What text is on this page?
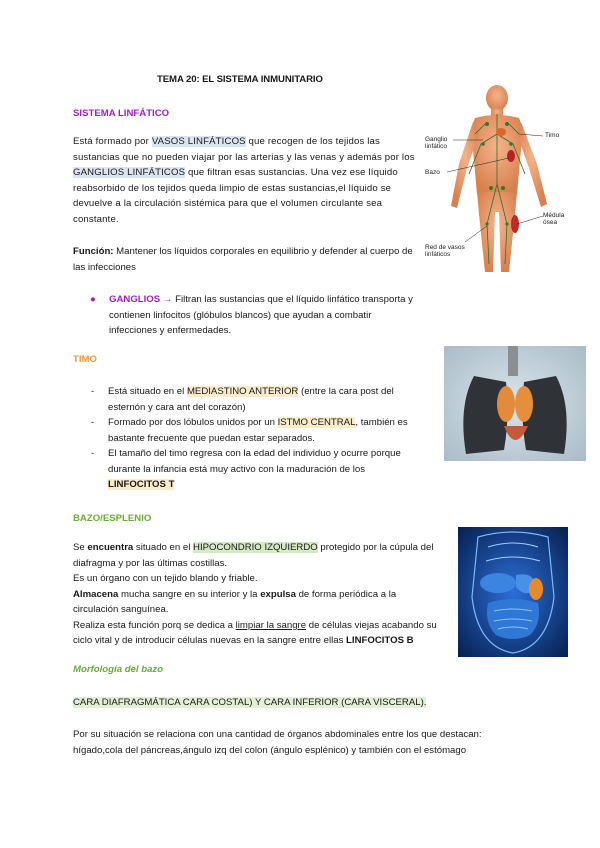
TEMA 20: EL SISTEMA INMUNITARIO
SISTEMA LINFÁTICO
Está formado por VASOS LINFÁTICOS que recogen de los tejidos las sustancias que no pueden viajar por las arterias y las venas y además por los GANGLIOS LINFÁTICOS que filtran esas sustancias. Una vez ese líquido reabsorbido de los tejidos queda limpio de estas sustancias,el líquido se devuelve a la circulación sistémica para que el volumen circulante sea constante.
Función: Mantener los líquidos corporales en equilibrio y defender al cuerpo de las infecciones
●	GANGLIOS → Filtran las sustancias que el líquido linfático transporta y contienen linfocitos (glóbulos blancos) que ayudan a combatir infecciones y enfermedades.
Ganglio linfático
Timo
Bazo
Médula ósea
Red de vasos linfáticos
TIMO
- Está situado en el MEDIASTINO ANTERIOR (entre la cara post del esternón y cara ant del corazón)
- Formado por dos lóbulos unidos por un ISTMO CENTRAL, también es bastante frecuente que puedan estar separados.
- El tamaño del timo regresa con la edad del individuo y ocurre porque durante la infancia está muy activo con la maduración de los LINFOCITOS T
BAZO/ESPLENIO
Se encuentra situado en el HIPOCONDRIO IZQUIERDO protegido por la cúpula del diafragma y por las últimas costillas.
Es un órgano con un tejido blando y friable.
Almacena mucha sangre en su interior y la expulsa de forma periódica a la circulación sanguínea.
Realiza esta función porq se dedica a limpiar la sangre de células viejas acabando su ciclo vital y de introducir células nuevas en la sangre entre ellas LINFOCITOS B
Morfología del bazo
CARA DIAFRAGMÁTICA CARA COSTAL) Y CARA INFERIOR (CARA VISCERAL).
Por su situación se relaciona con una cantidad de órganos abdominales entre los que destacan: hígado,cola del páncreas,ángulo izq del colon (ángulo esplénico) y también con el estómago
